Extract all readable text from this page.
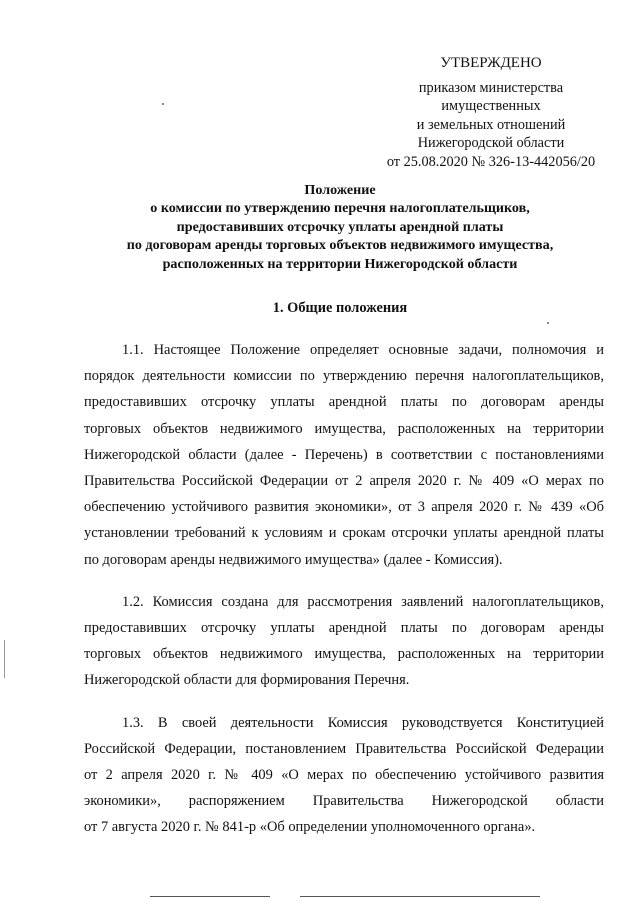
УТВЕРЖДЕНО
приказом министерства
имущественных
и земельных отношений
Нижегородской области
от 25.08.2020 № 326-13-442056/20
Положение
о комиссии по утверждению перечня налогоплательщиков,
предоставивших отсрочку уплаты арендной платы
по договорам аренды торговых объектов недвижимого имущества,
расположенных на территории Нижегородской области
1. Общие положения

1.1. Настоящее Положение определяет основные задачи, полномочия и
порядок деятельности комиссии по утверждению перечня налогоплательщиков,
предоставивших отсрочку уплаты арендной платы по договорам аренды
торговых объектов недвижимого имущества, расположенных на территории
Нижегородской области (далее - Перечень) в соответствии с постановлениями
Правительства Российской Федерации от 2 апреля 2020 г. № 409 «О мерах по
обеспечению устойчивого развития экономики», от 3 апреля 2020 г. № 439 «Об
установлении требований к условиям и срокам отсрочки уплаты арендной платы
по договорам аренды недвижимого имущества» (далее - Комиссия).

1.2. Комиссия создана для рассмотрения заявлений налогоплательщиков,
предоставивших отсрочку уплаты арендной платы по договорам аренды
торговых объектов недвижимого имущества, расположенных на территории
Нижегородской области для формирования Перечня.

1.3. В своей деятельности Комиссия руководствуется Конституцией
Российской Федерации, постановлением Правительства Российской Федерации
от 2 апреля 2020 г. № 409 «О мерах по обеспечению устойчивого развития
экономики», распоряжением Правительства Нижегородской области
от 7 августа 2020 г. № 841-р «Об определении уполномоченного органа».
